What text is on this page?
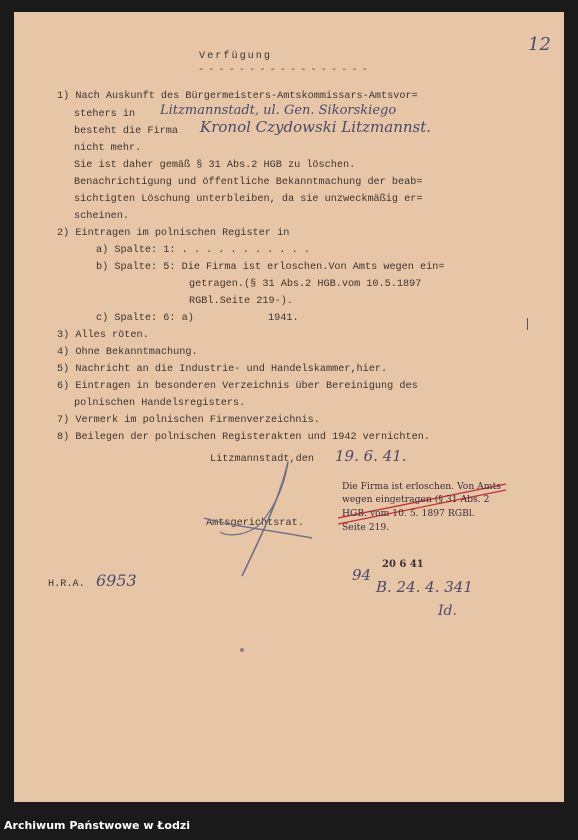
Verfügung
- - - - - - - - - - - - - - - - -
12
1) Nach Auskunft des Bürgermeisters-Amtskommissars-Amtsvor=
stehers in Litzmannstadt, ul. Gen. Sikorskiego
besteht die Firma Kronol Czydowski Litzmannst.
nicht mehr.
Sie ist daher gemäß § 31 Abs.2 HGB zu löschen.
Benachrichtigung und öffentliche Bekanntmachung der beab=
sichtigten Löschung unterbleiben, da sie unzweckmäßig er=
scheinen.
2) Eintragen im polnischen Register in
a) Spalte: 1: . . . . . . . . . . .
b) Spalte: 5: Die Firma ist erloschen.Von Amts wegen ein=
getragen.(§ 31 Abs.2 HGB.vom 10.5.1897
RGBl.Seite 219-).
c) Spalte: 6: a)	1941.
3) Alles röten.
4) Ohne Bekanntmachung.
5) Nachricht an die Industrie- und Handelskammer,hier.
6) Eintragen in besonderen Verzeichnis über Bereinigung des
polnischen Handelsregisters.
7) Vermerk im polnischen Firmenverzeichnis.
8) Beilegen der polnischen Registerakten und 1942 vernichten.
Litzmannstadt,den 19. 6. 41.
Amtsgerichtsrat.
Die Firma ist erloschen. Von Amts
wegen eingetragen (§ 31 Abs. 2
HGB. vom 10. 5. 1897 RGBl.
Seite 219.
20 6 41
H.R.A. 6953	94
B. 24. 4. 341
Id.
Archiwum Państwowe w Łodzi
